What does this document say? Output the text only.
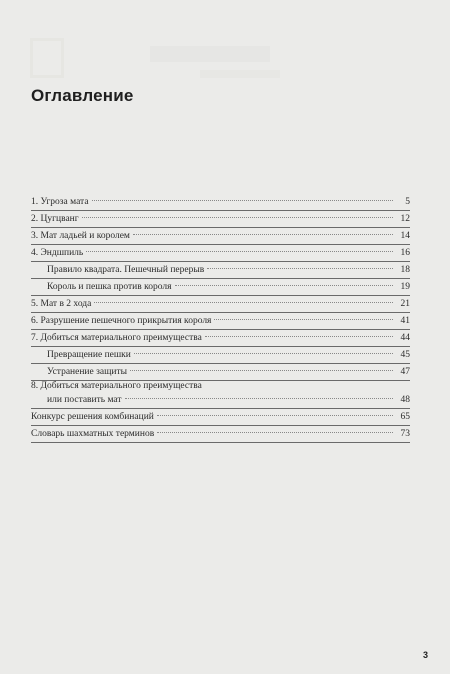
Оглавление
1. Угроза мата	5
2. Цугцванг	12
3. Мат ладьей и королем	14
4. Эндшпиль	16
Правило квадрата. Пешечный перерыв	18
Король и пешка против короля	19
5. Мат в 2 хода	21
6. Разрушение пешечного прикрытия короля	41
7. Добиться материального преимущества	44
Превращение пешки	45
Устранение защиты	47
8. Добиться материального преимущества
или поставить мат	48
Конкурс решения комбинаций	65
Словарь шахматных терминов	73
3
